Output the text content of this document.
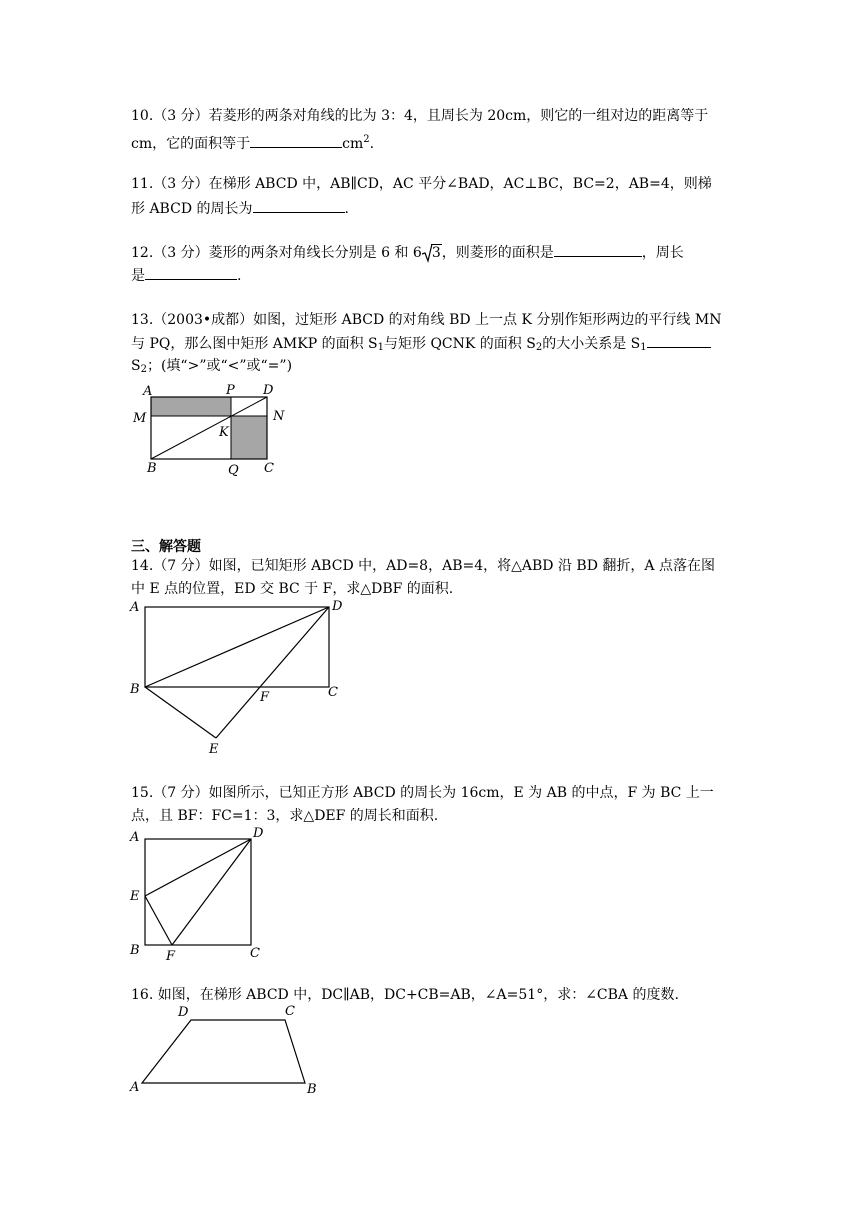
10.（3 分）若菱形的两条对角线的比为 3：4，且周长为 20cm，则它的一组对边的距离等于
cm，它的面积等于	$cm^2$.
11.（3 分）在梯形 ABCD 中，AB∥CD，AC 平分∠BAD，AC⊥BC，BC=2，AB=4，则梯
形 ABCD 的周长为	.
12.（3 分）菱形的两条对角线长分别是 6 和 6 3，则菱形的面积是	，周长
是	.
13.（2003•成都）如图，过矩形 ABCD 的对角线 BD 上一点 K 分别作矩形两边的平行线 MN
与 PQ，那么图中矩形 AMKP 的面积 $S_1$与矩形 QCNK 的面积 $S_2$的大小关系是 $S_1$
$S_2$；(填“>”或“<”或“=”)
A	P D
M	N
K
B	Q C
三、解答题
14.（7 分）如图，已知矩形 ABCD 中，AD=8，AB=4，将△ABD 沿 BD 翻折，A 点落在图
中 E 点的位置，ED 交 BC 于 F，求△DBF 的面积.
A	D
B
F	C
E
15.（7 分）如图所示，已知正方形 ABCD 的周长为 16cm，E 为 AB 的中点，F 为 BC 上一
点，且 BF：FC=1：3，求△DEF 的周长和面积.
A	D
E
B F	C
16. 如图，在梯形 ABCD 中，DC∥AB，DC+CB=AB，∠A=51°，求：∠CBA 的度数.
D	C
A	B
